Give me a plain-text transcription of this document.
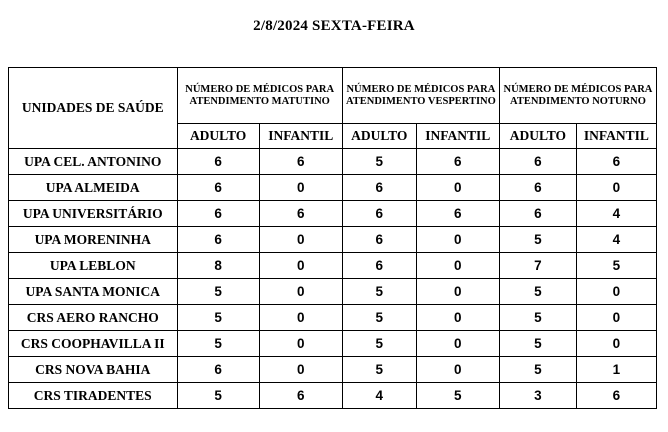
2/8/2024 SEXTA-FEIRA
UNIDADES DE SAÚDE	NÚMERO DE MÉDICOS PARA ATENDIMENTO MATUTINO		NÚMERO DE MÉDICOS PARA ATENDIMENTO VESPERTINO		NÚMERO DE MÉDICOS PARA ATENDIMENTO NOTURNO	
	ADULTO	INFANTIL	ADULTO	INFANTIL	ADULTO	INFANTIL
UPA CEL. ANTONINO	6	6	5	6	6	6
UPA ALMEIDA	6	0	6	0	6	0
UPA UNIVERSITÁRIO	6	6	6	6	6	4
UPA MORENINHA	6	0	6	0	5	4
UPA LEBLON	8	0	6	0	7	5
UPA SANTA MONICA	5	0	5	0	5	0
CRS AERO RANCHO	5	0	5	0	5	0
CRS COOPHAVILLA II	5	0	5	0	5	0
CRS NOVA BAHIA	6	0	5	0	5	1
CRS TIRADENTES	5	6	4	5	3	6
